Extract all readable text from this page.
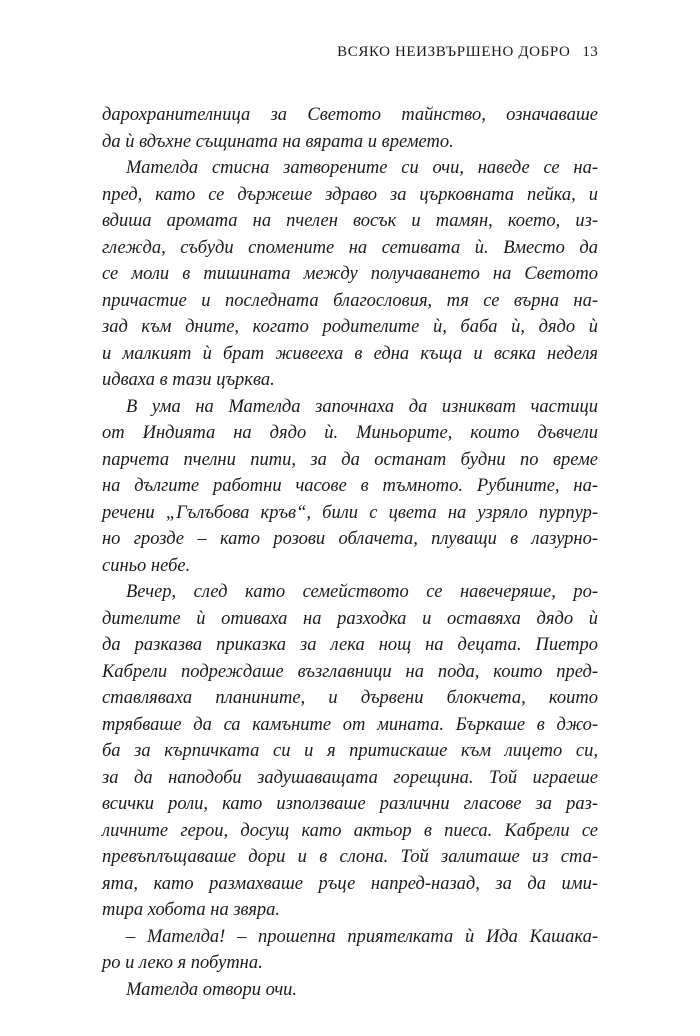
ВСЯКО НЕИЗВЪРШЕНО ДОБРО 13

дарохранителница за Светото тайнство, означаваше
да ѝ вдъхне същината на вярата и времето.

Мателда стисна затворените си очи, наведе се на-
пред, като се държеше здраво за църковната пейка, и
вдиша аромата на пчелен восък и тамян, което, из-
глежда, събуди спомените на сетивата ѝ. Вместо да
се моли в тишината между получаването на Светото
причастие и последната благословия, тя се върна на-
зад към дните, когато родителите ѝ, баба ѝ, дядо ѝ
и малкият ѝ брат живееха в една къща и всяка неделя
идваха в тази църква.

В ума на Мателда започнаха да изникват частици
от Индията на дядо ѝ. Миньорите, които дъвчели
парчета пчелни пити, за да останат будни по време
на дългите работни часове в тъмното. Рубините, на-
речени „Гълъбова кръв“, били с цвета на узряло пурпур-
но грозде – като розови облачета, плуващи в лазурно-
синьо небе.

Вечер, след като семейството се навечеряше, ро-
дителите ѝ отиваха на разходка и оставяха дядо ѝ
да разказва приказка за лека нощ на децата. Пиетро
Кабрели подреждаше възглавници на пода, които пред-
ставляваха планините, и дървени блокчета, които
трябваше да са камъните от мината. Бъркаше в джо-
ба за кърпичката си и я притискаше към лицето си,
за да наподоби задушаващата горещина. Той играеше
всички роли, като използваше различни гласове за раз-
личните герои, досущ като актьор в пиеса. Кабрели се
превъплъщаваше дори и в слона. Той залиташе из ста-
ята, като размахваше ръце напред-назад, за да ими-
тира хобота на звяра.

– Мателда! – прошепна приятелката ѝ Ида Кашака-
ро и леко я побутна.

Мателда отвори очи.
